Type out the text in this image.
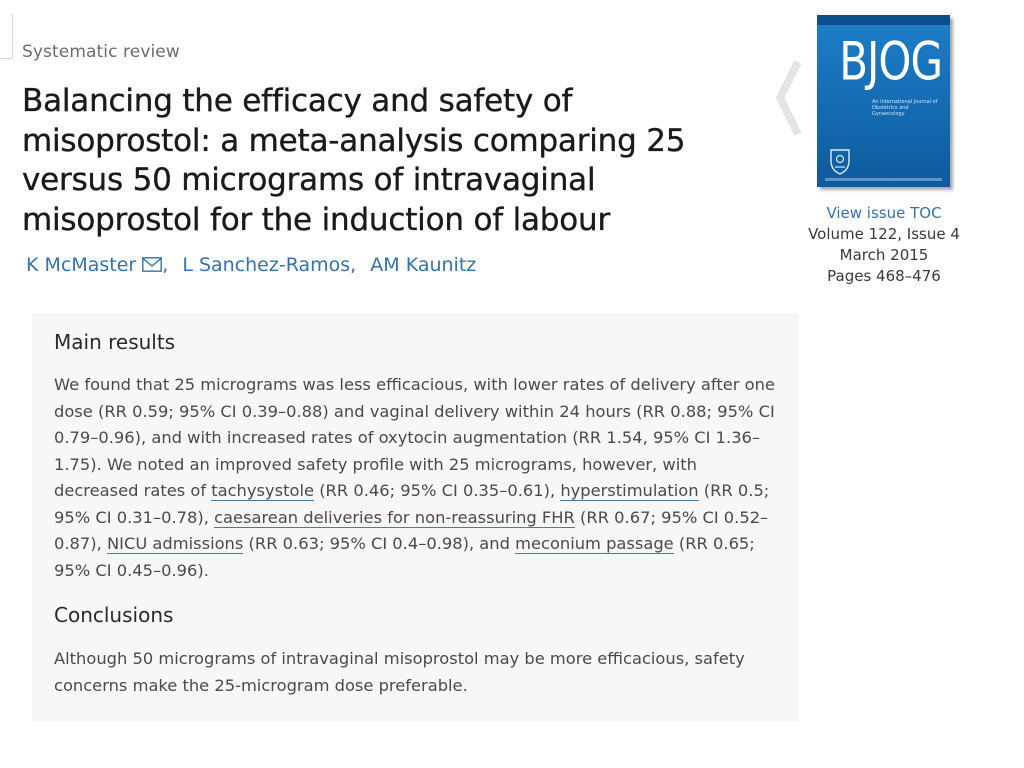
Systematic review
Balancing the efficacy and safety of misoprostol: a meta-analysis comparing 25 versus 50 micrograms of intravaginal misoprostol for the induction of labour
K McMaster , L Sanchez-Ramos, AM Kaunitz
Main results

We found that 25 micrograms was less efficacious, with lower rates of delivery after one dose (RR 0.59; 95% CI 0.39–0.88) and vaginal delivery within 24 hours (RR 0.88; 95% CI 0.79–0.96), and with increased rates of oxytocin augmentation (RR 1.54, 95% CI 1.36–1.75). We noted an improved safety profile with 25 micrograms, however, with decreased rates of tachysystole (RR 0.46; 95% CI 0.35–0.61), hyperstimulation (RR 0.5; 95% CI 0.31–0.78), caesarean deliveries for non-reassuring FHR (RR 0.67; 95% CI 0.52–0.87), NICU admissions (RR 0.63; 95% CI 0.4–0.98), and meconium passage (RR 0.65; 95% CI 0.45–0.96).

Conclusions

Although 50 micrograms of intravaginal misoprostol may be more efficacious, safety concerns make the 25-microgram dose preferable.

BJOG
An International Journal of Obstetrics and Gynaecology
View issue TOC
Volume 122, Issue 4
March 2015
Pages 468–476
